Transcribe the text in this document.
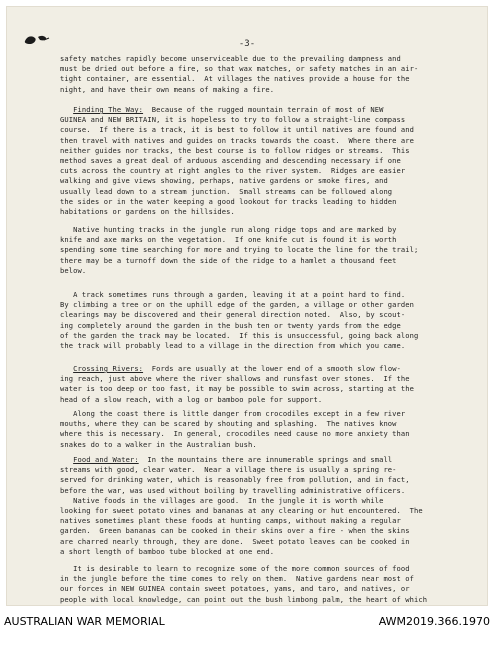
-3-

safety matches rapidly become unserviceable due to the prevailing dampness and
must be dried out before a fire, so that wax matches, or safety matches in an air-
tight container, are essential.  At villages the natives provide a house for the
night, and have their own means of making a fire.

Finding The Way:  Because of the rugged mountain terrain of most of NEW
GUINEA and NEW BRITAIN, it is hopeless to try to follow a straight-line compass
course.  If there is a track, it is best to follow it until natives are found and
then travel with natives and guides on tracks towards the coast.  Where there are
neither guides nor tracks, the best course is to follow ridges or streams.  This
method saves a great deal of arduous ascending and descending necessary if one
cuts across the country at right angles to the river system.  Ridges are easier
walking and give views showing, perhaps, native gardens or smoke fires, and
usually lead down to a stream junction.  Small streams can be followed along
the sides or in the water keeping a good lookout for tracks leading to hidden
habitations or gardens on the hillsides.

Native hunting tracks in the jungle run along ridge tops and are marked by
knife and axe marks on the vegetation.  If one knife cut is found it is worth
spending some time searching for more and trying to locate the line for the trail;
there may be a turnoff down the side of the ridge to a hamlet a thousand feet
below.

A track sometimes runs through a garden, leaving it at a point hard to find.
By climbing a tree or on the uphill edge of the garden, a village or other garden
clearings may be discovered and their general direction noted.  Also, by scout-
ing completely around the garden in the bush ten or twenty yards from the edge
of the garden the track may be located.  If this is unsuccessful, going back along
the track will probably lead to a village in the direction from which you came.

Crossing Rivers:  Fords are usually at the lower end of a smooth slow flow-
ing reach, just above where the river shallows and runsfast over stones.  If the
water is too deep or too fast, it may be possible to swim across, starting at the
head of a slow reach, with a log or bamboo pole for support.

Along the coast there is little danger from crocodiles except in a few river
mouths, where they can be scared by shouting and splashing.  The natives know
where this is necessary.  In general, crocodiles need cause no more anxiety than
snakes do to a walker in the Australian bush.

Food and Water:  In the mountains there are innumerable springs and small
streams with good, clear water.  Near a village there is usually a spring re-
served for drinking water, which is reasonably free from pollution, and in fact,
before the war, was used without boiling by travelling administrative officers.
Native foods in the villages are good.  In the jungle it is worth while
looking for sweet potato vines and bananas at any clearing or hut encountered.  The
natives sometimes plant these foods at hunting camps, without making a regular
garden.  Green bananas can be cooked in their skins over a fire - when the skins
are charred nearly through, they are done.  Sweet potato leaves can be cooked in
a short length of bamboo tube blocked at one end.

It is desirable to learn to recognize some of the more common sources of food
in the jungle before the time comes to rely on them.  Native gardens near most of
our forces in NEW GUINEA contain sweet potatoes, yams, and taro, and natives, or
people with local knowledge, can point out the bush limbong palm, the heart of which

AUSTRALIAN WAR MEMORIAL	AWM2019.366.1970
